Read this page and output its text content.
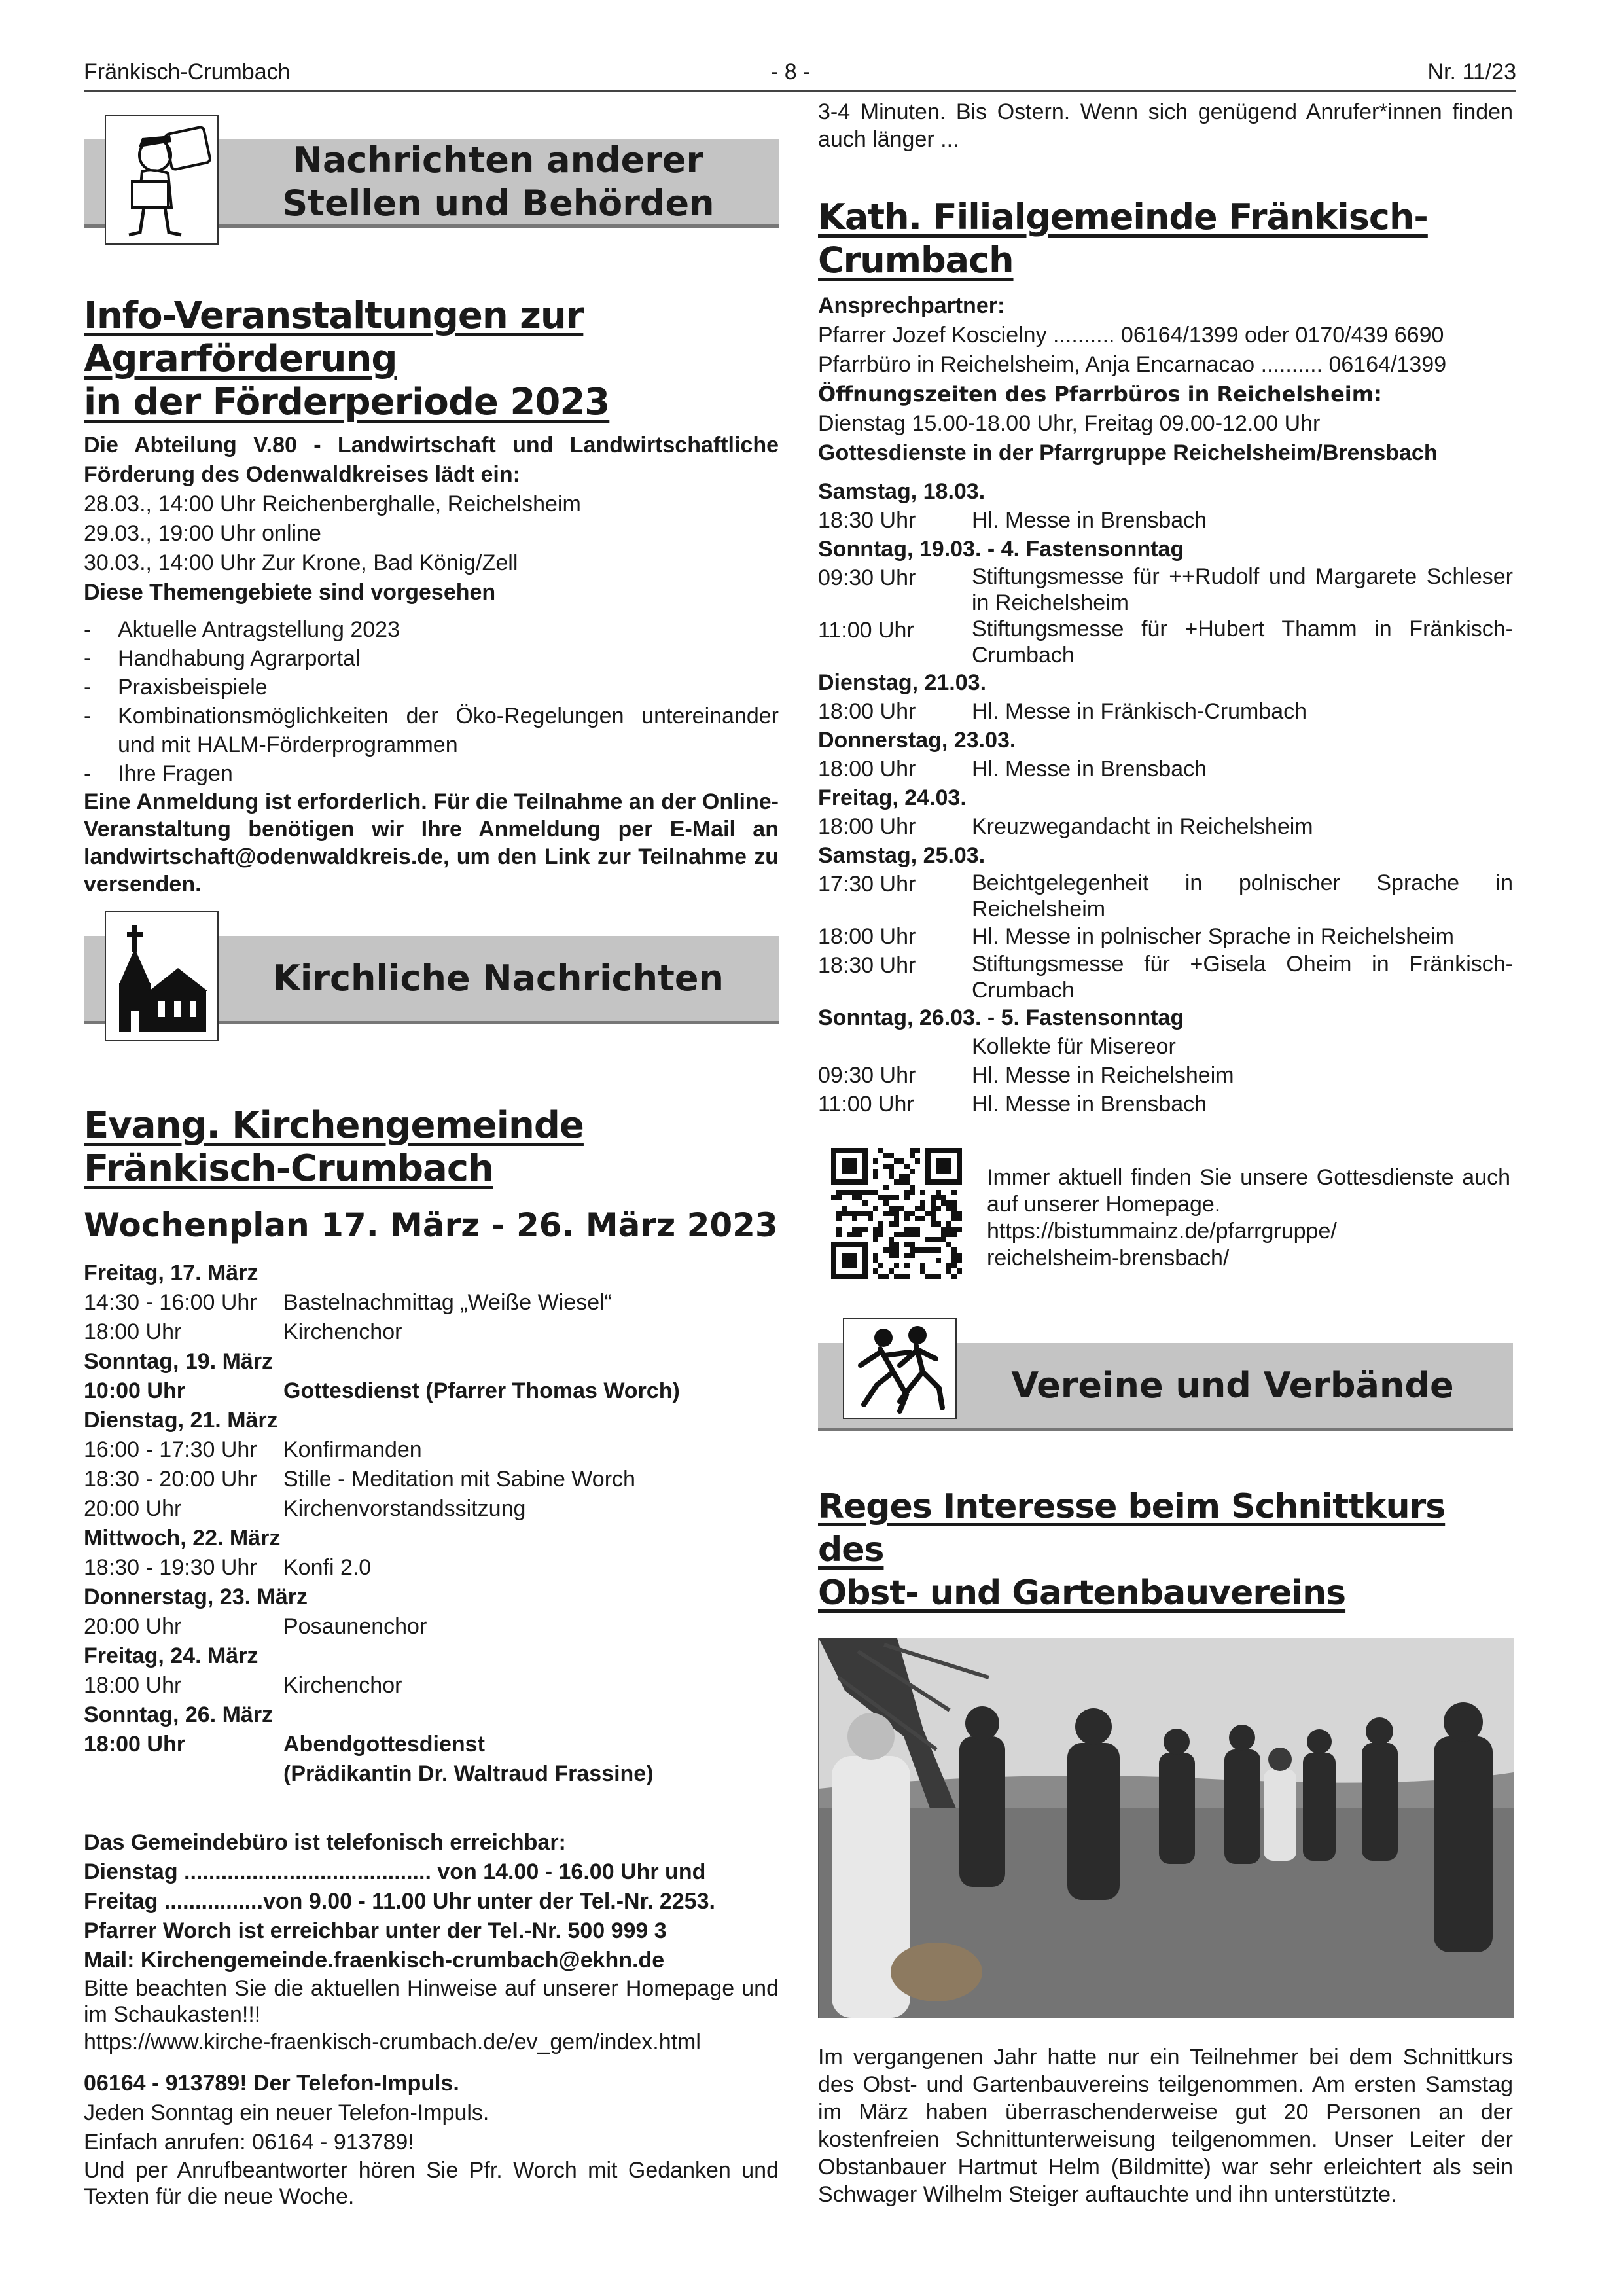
Fränkisch-Crumbach	- 8 -	Nr. 11/23
Nachrichten anderer
Stellen und Behörden
Info-Veranstaltungen zur Agrarförderung
in der Förderperiode 2023

Die Abteilung V.80 - Landwirtschaft und Landwirtschaftliche Förderung des Odenwaldkreises lädt ein:

28.03., 14:00 Uhr Reichenberghalle, Reichelsheim

29.03., 19:00 Uhr online

30.03., 14:00 Uhr Zur Krone, Bad König/Zell

Diese Themengebiete sind vorgesehen

-	Aktuelle Antragstellung 2023
-	Handhabung Agrarportal
-	Praxisbeispiele
-	Kombinationsmöglichkeiten der Öko-Regelungen untereinander und mit HALM-Förderprogrammen
-	Ihre Fragen

Eine Anmeldung ist erforderlich. Für die Teilnahme an der Online-Veranstaltung benötigen wir Ihre Anmeldung per E-Mail an landwirtschaft@odenwaldkreis.de, um den Link zur Teilnahme zu versenden.

Kirchliche Nachrichten
Evang. Kirchengemeinde
Fränkisch-Crumbach
Wochenplan 17. März - 26. März 2023

Freitag, 17. März

14:30 - 16:00 Uhr	Bastelnachmittag „Weiße Wiesel“
18:00 Uhr	Kirchenchor

Sonntag, 19. März

10:00 Uhr	Gottesdienst (Pfarrer Thomas Worch)

Dienstag, 21. März

16:00 - 17:30 Uhr	Konfirmanden
18:30 - 20:00 Uhr	Stille - Meditation mit Sabine Worch
20:00 Uhr	Kirchenvorstandssitzung

Mittwoch, 22. März

18:30 - 19:30 Uhr	Konfi 2.0

Donnerstag, 23. März

20:00 Uhr	Posaunenchor

Freitag, 24. März

18:00 Uhr	Kirchenchor

Sonntag, 26. März

18:00 Uhr	Abendgottesdienst
(Prädikantin Dr. Waltraud Frassine)

Das Gemeindebüro ist telefonisch erreichbar:

Dienstag ........................................ von 14.00 - 16.00 Uhr und

Freitag ................von 9.00 - 11.00 Uhr unter der Tel.-Nr. 2253.

Pfarrer Worch ist erreichbar unter der Tel.-Nr. 500 999 3

Mail: Kirchengemeinde.fraenkisch-crumbach@ekhn.de

Bitte beachten Sie die aktuellen Hinweise auf unserer Homepage und im Schaukasten!!!

https://www.kirche-fraenkisch-crumbach.de/ev_gem/index.html

06164 - 913789! Der Telefon-Impuls.

Jeden Sonntag ein neuer Telefon-Impuls.

Einfach anrufen: 06164 - 913789!

Und per Anrufbeantworter hören Sie Pfr. Worch mit Gedanken und Texten für die neue Woche.

3-4 Minuten. Bis Ostern. Wenn sich genügend Anrufer*innen finden auch länger ...

Kath. Filialgemeinde Fränkisch-Crumbach

Ansprechpartner:

Pfarrer Jozef Koscielny .......... 06164/1399 oder 0170/439 6690

Pfarrbüro in Reichelsheim, Anja Encarnacao .......... 06164/1399

Öffnungszeiten des Pfarrbüros in Reichelsheim:

Dienstag 15.00-18.00 Uhr, Freitag 09.00-12.00 Uhr

Gottesdienste in der Pfarrgruppe Reichelsheim/Brensbach

Samstag, 18.03.

18:30 Uhr	Hl. Messe in Brensbach

Sonntag, 19.03. - 4. Fastensonntag

09:30 Uhr	Stiftungsmesse für ++Rudolf und Margarete Schleser in Reichelsheim
11:00 Uhr	Stiftungsmesse für +Hubert Thamm in Fränkisch-Crumbach

Dienstag, 21.03.

18:00 Uhr	Hl. Messe in Fränkisch-Crumbach

Donnerstag, 23.03.

18:00 Uhr	Hl. Messe in Brensbach

Freitag, 24.03.

18:00 Uhr	Kreuzwegandacht in Reichelsheim

Samstag, 25.03.

17:30 Uhr	Beichtgelegenheit in polnischer Sprache in Reichelsheim
18:00 Uhr	Hl. Messe in polnischer Sprache in Reichelsheim
18:30 Uhr	Stiftungsmesse für +Gisela Oheim in Fränkisch-Crumbach

Sonntag, 26.03. - 5. Fastensonntag

Kollekte für Misereor
09:30 Uhr	Hl. Messe in Reichelsheim
11:00 Uhr	Hl. Messe in Brensbach

Immer aktuell finden Sie unsere Gottesdienste auch auf unserer Homepage.

https://bistummainz.de/pfarrgruppe/

reichelsheim-brensbach/

Vereine und Verbände
Reges Interesse beim Schnittkurs des
Obst- und Gartenbauvereins

Im vergangenen Jahr hatte nur ein Teilnehmer bei dem Schnittkurs des Obst- und Gartenbauvereins teilgenommen. Am ersten Samstag im März haben überraschenderweise gut 20 Personen an der kostenfreien Schnittunterweisung teilgenommen. Unser Leiter der Obstanbauer Hartmut Helm (Bildmitte) war sehr erleichtert als sein Schwager Wilhelm Steiger auftauchte und ihn unterstützte.
